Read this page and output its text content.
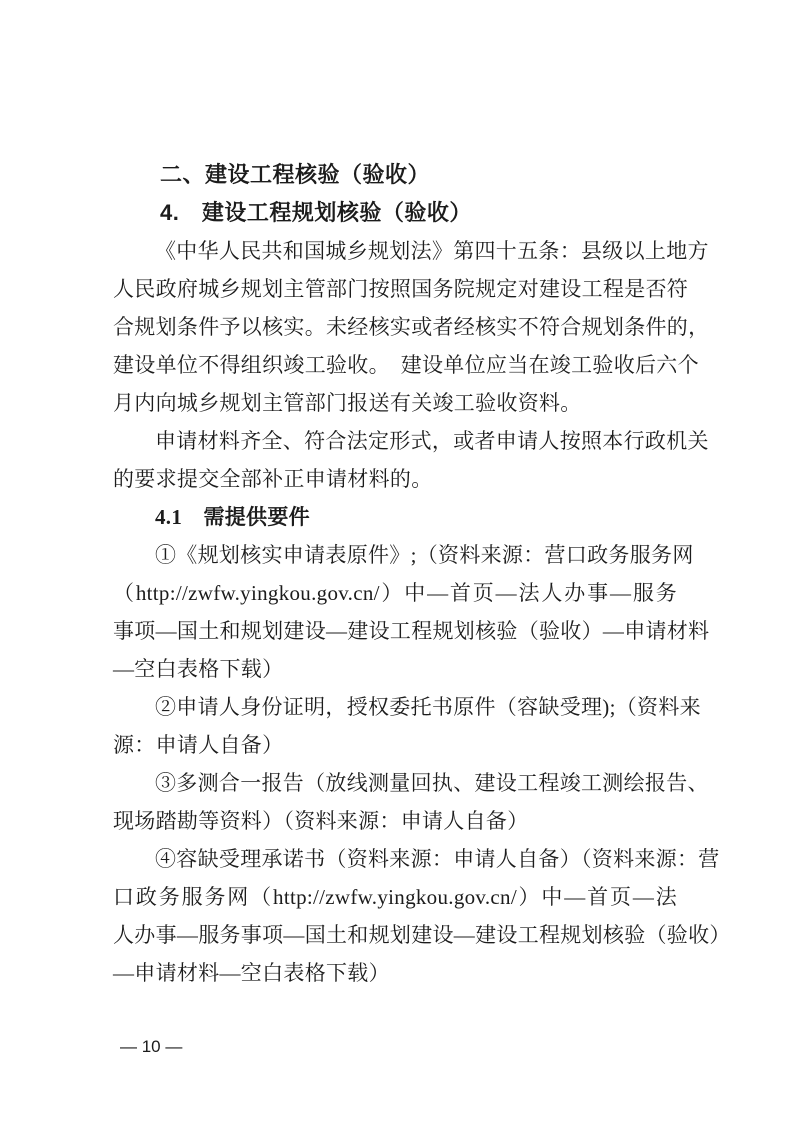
二、建设工程核验（验收）
4.　建设工程规划核验（验收）
《中华人民共和国城乡规划法》第四十五条：县级以上地方
人民政府城乡规划主管部门按照国务院规定对建设工程是否符
合规划条件予以核实。未经核实或者经核实不符合规划条件的，
建设单位不得组织竣工验收。　建设单位应当在竣工验收后六个
月内向城乡规划主管部门报送有关竣工验收资料。
申请材料齐全、符合法定形式，或者申请人按照本行政机关
的要求提交全部补正申请材料的。
4.1　需提供要件
①《规划核实申请表原件》;（资料来源：营口政务服务网
（http://zwfw.yingkou.gov.cn/）中—首页—法人办事—服务
事项—国土和规划建设—建设工程规划核验（验收）—申请材料
—空白表格下载）
②申请人身份证明，授权委托书原件（容缺受理);（资料来
源：申请人自备）
③多测合一报告（放线测量回执、建设工程竣工测绘报告、
现场踏勘等资料）（资料来源：申请人自备）
④容缺受理承诺书（资料来源：申请人自备）（资料来源：营
口政务服务网（http://zwfw.yingkou.gov.cn/）中—首页—法
人办事—服务事项—国土和规划建设—建设工程规划核验（验收）
—申请材料—空白表格下载）
— 10 —
